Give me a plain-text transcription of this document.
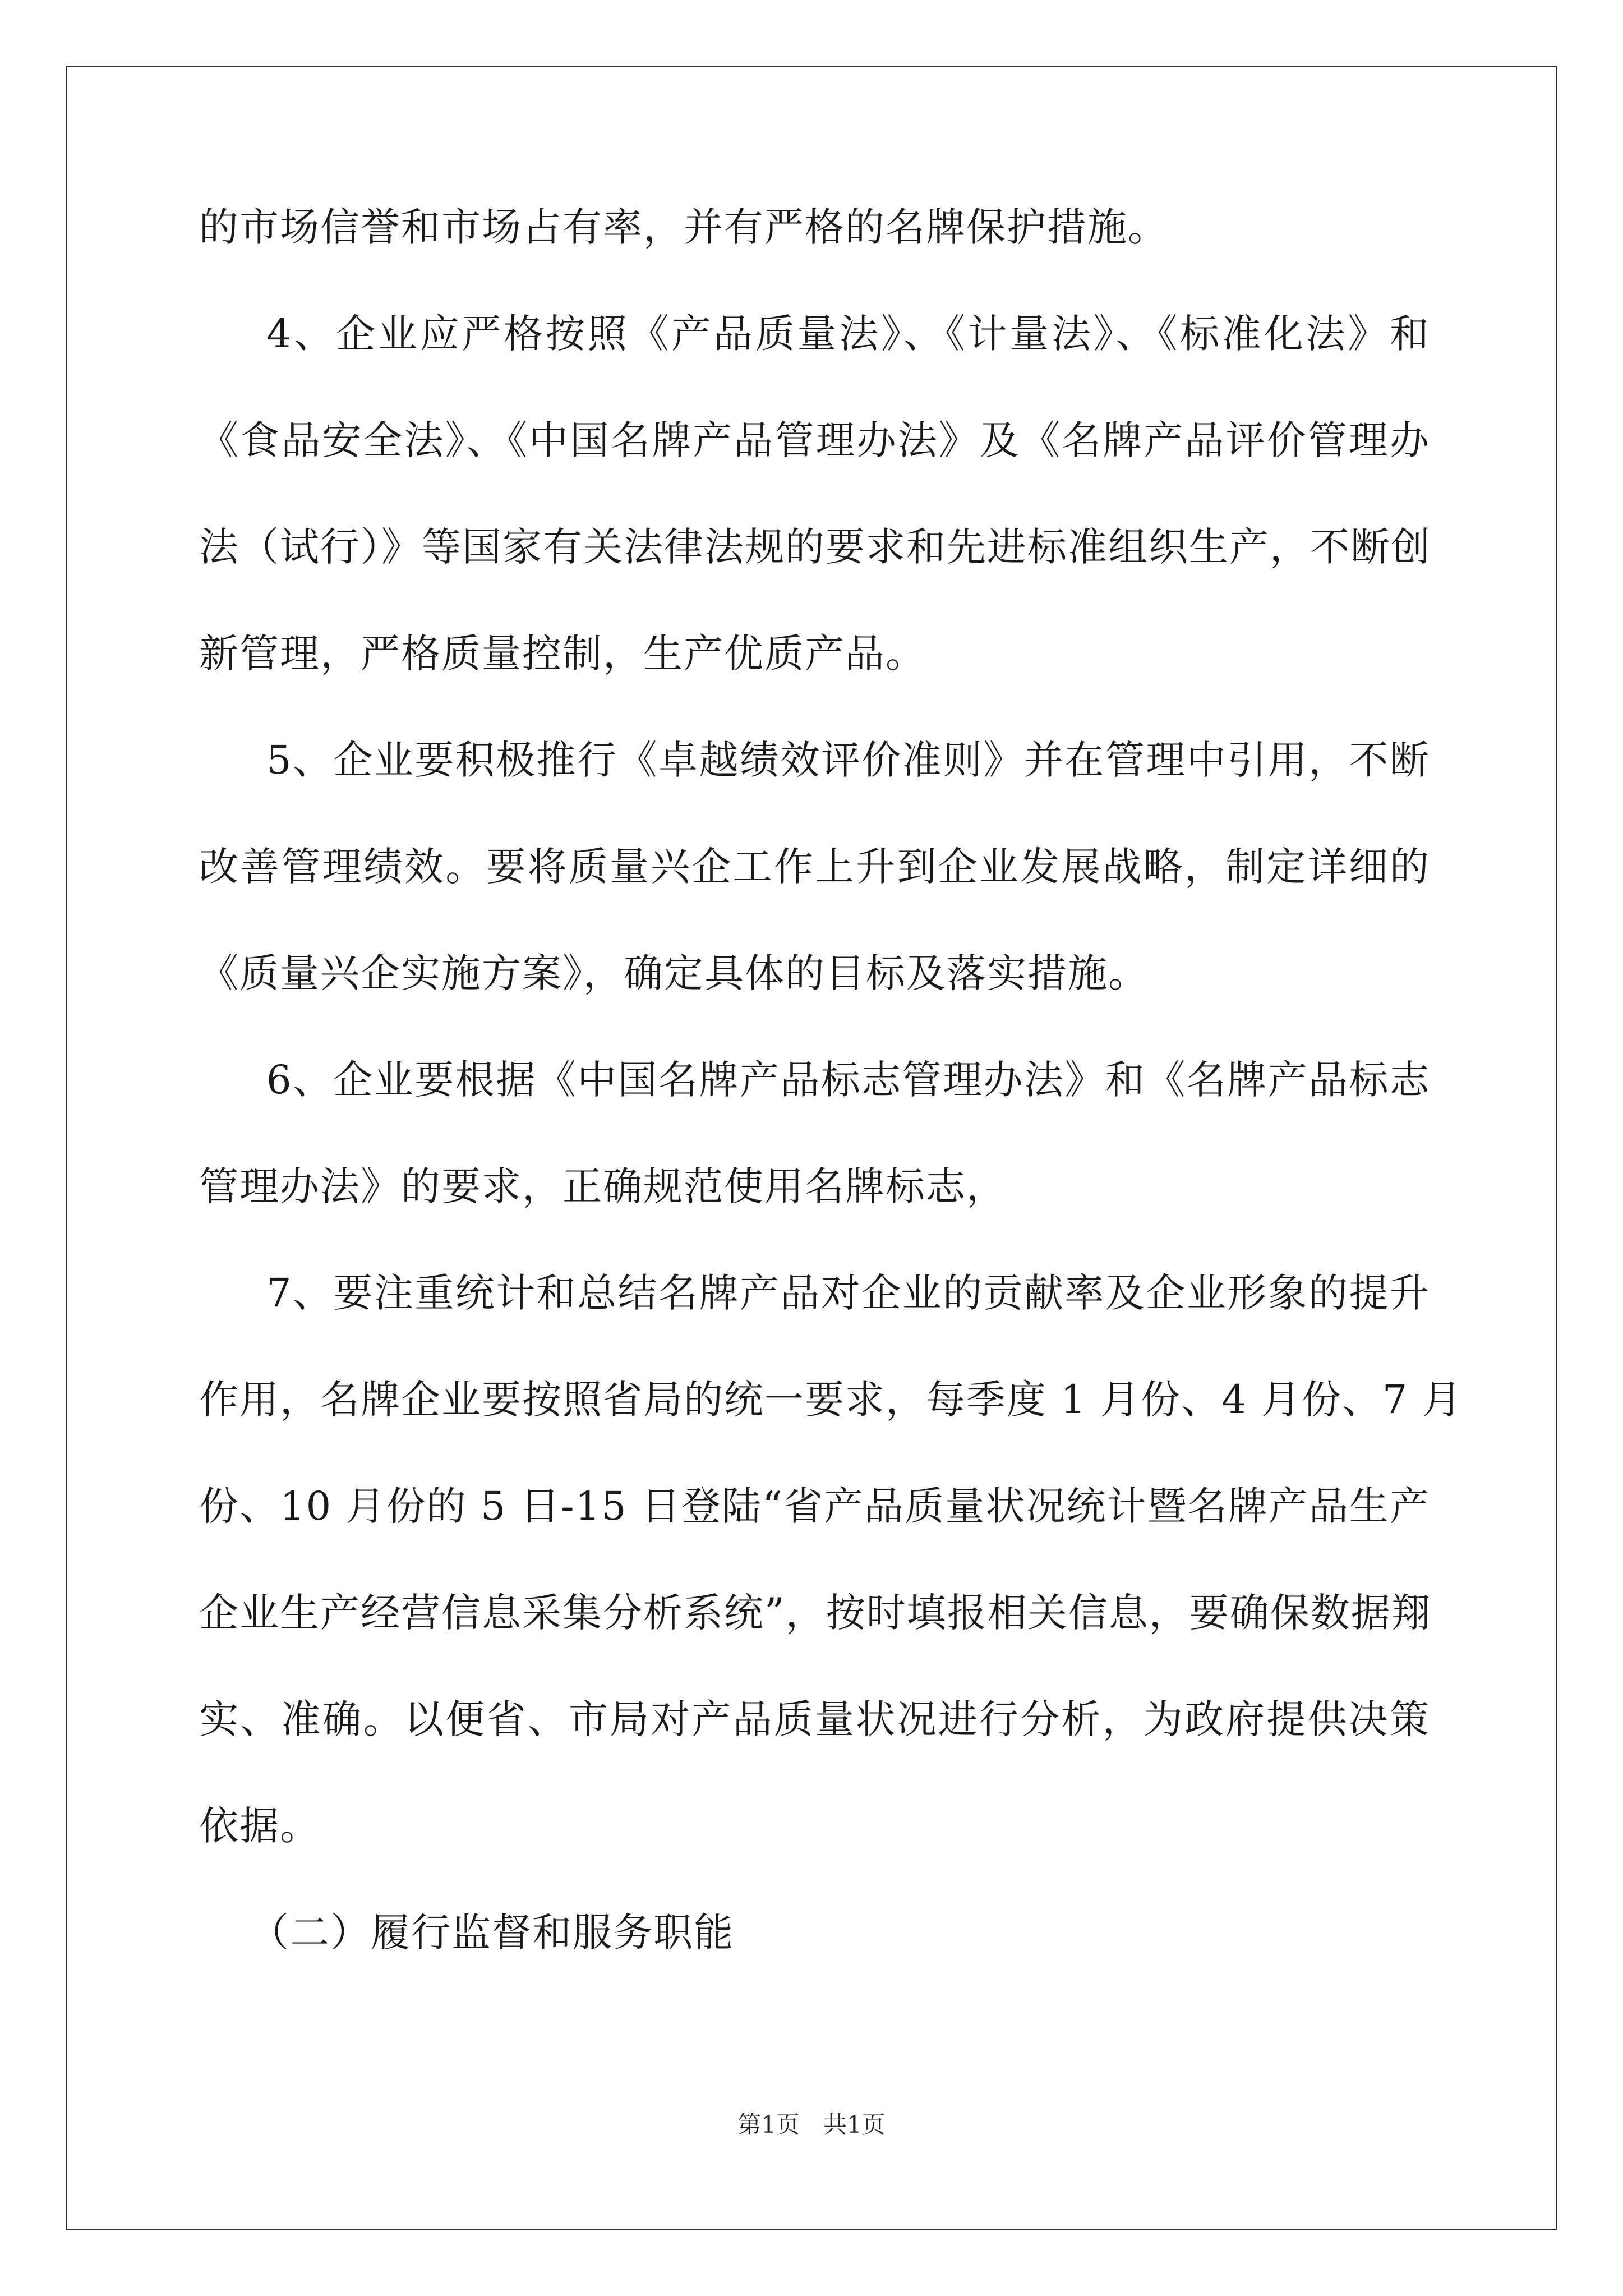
的市场信誉和市场占有率，并有严格的名牌保护措施。
4、企业应严格按照《产品质量法》、《计量法》、《标准化法》和
《食品安全法》、《中国名牌产品管理办法》及《名牌产品评价管理办
法（试行）》等国家有关法律法规的要求和先进标准组织生产，不断创
新管理，严格质量控制，生产优质产品。
5、企业要积极推行《卓越绩效评价准则》并在管理中引用，不断
改善管理绩效。要将质量兴企工作上升到企业发展战略，制定详细的
《质量兴企实施方案》，确定具体的目标及落实措施。
6、企业要根据《中国名牌产品标志管理办法》和《名牌产品标志
管理办法》的要求，正确规范使用名牌标志，
7、要注重统计和总结名牌产品对企业的贡献率及企业形象的提升
作用，名牌企业要按照省局的统一要求，每季度 1 月份、4 月份、7 月
份、10 月份的 5 日-15 日登陆“省产品质量状况统计暨名牌产品生产
企业生产经营信息采集分析系统”，按时填报相关信息，要确保数据翔
实、准确。以便省、市局对产品质量状况进行分析，为政府提供决策
依据。
（二）履行监督和服务职能
第1页　共1页
